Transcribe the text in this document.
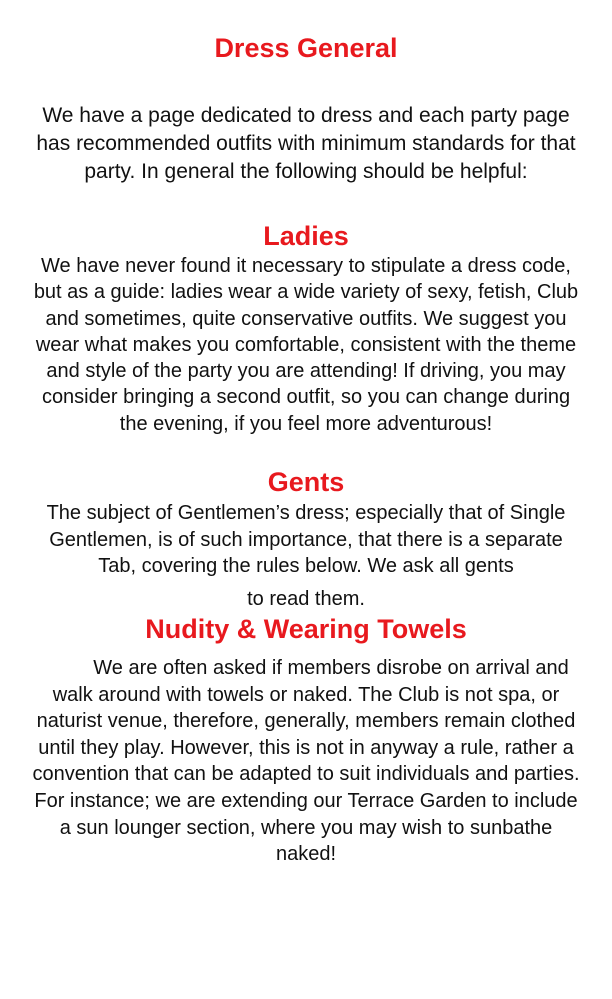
Dress General

We have a page dedicated to dress and each party page has recommended outfits with minimum standards for that party. In general the following should be helpful:

Ladies

We have never found it necessary to stipulate a dress code, but as a guide: ladies wear a wide variety of sexy, fetish, Club and sometimes, quite conservative outfits. We suggest you wear what makes you comfortable, consistent with the theme and style of the party you are attending! If driving, you may consider bringing a second outfit, so you can change during the evening, if you feel more adventurous!

Gents

The subject of Gentlemen’s dress; especially that of Single Gentlemen, is of such importance, that there is a separate Tab, covering the rules below. We ask all gents
to read them.

Nudity & Wearing Towels

We are often asked if members disrobe on arrival and walk around with towels or naked. The Club is not spa, or naturist venue, therefore, generally, members remain clothed until they play. However, this is not in anyway a rule, rather a convention that can be adapted to suit individuals and parties. For instance; we are extending our Terrace Garden to include a sun lounger section, where you may wish to sunbathe naked!
